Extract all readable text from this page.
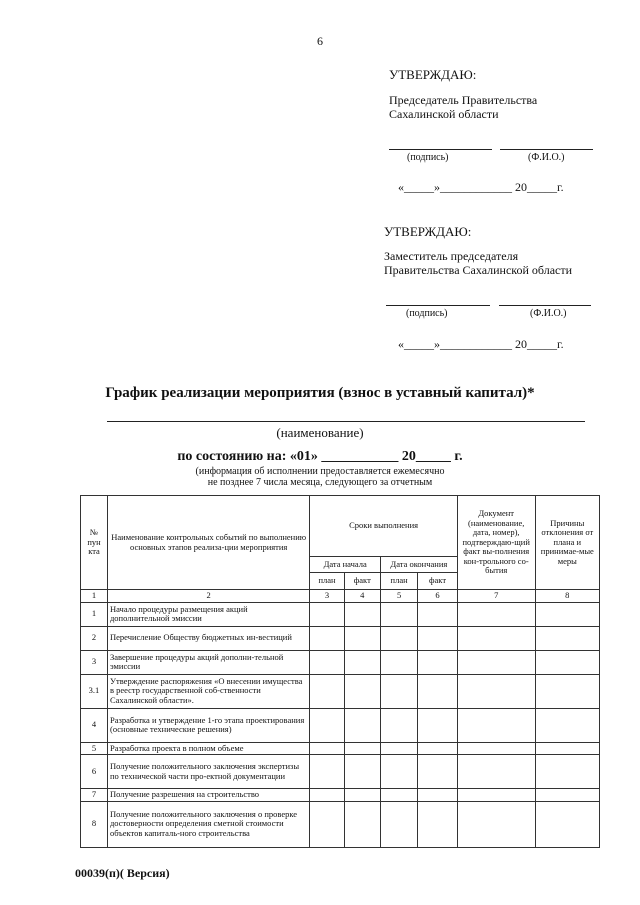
6
УТВЕРЖДАЮ:
Председатель Правительства
Сахалинской области
(подпись)	(Ф.И.О.)
«_____»____________ 20_____г.
УТВЕРЖДАЮ:
Заместитель председателя
Правительства Сахалинской области
(подпись)	(Ф.И.О.)
«_____»____________ 20_____г.
График реализации мероприятия (взнос в уставный капитал)*
(наименование)
по состоянию на: «01» ___________ 20_____ г.
(информация об исполнении предоставляется ежемесячно
не позднее 7 числа месяца, следующего за отчетным
№ пун кта	Наименование контрольных событий по выполнению основных этапов реализа-ции мероприятия	Сроки выполнения				Документ (наименование, дата, номер), подтверждаю-щий факт вы-полнения кон-трольного со-бытия	Причины отклонения от плана и принимае-мые меры
		Дата начала		Дата окончания			
		план	факт	план	факт		
1	2	3	4	5	6	7	8
1	Начало процедуры размещения акций дополнительной эмиссии						
2	Перечисление Обществу бюджетных ин-вестиций						
3	Завершение процедуры акций дополни-тельной эмиссии						
3.1	Утверждение распоряжения «О внесении имущества в реестр государственной соб-ственности Сахалинской области».						
4	Разработка и утверждение 1-го этапа проектирования (основные технические решения)						
5	Разработка проекта в полном объеме						
6	Получение положительного заключения экспертизы по технической части про-ектной документации						
7	Получение разрешения на строительство						
8	Получение положительного заключения о проверке достоверности определения сметной стоимости объектов капиталь-ного строительства						
00039(п)( Версия)
